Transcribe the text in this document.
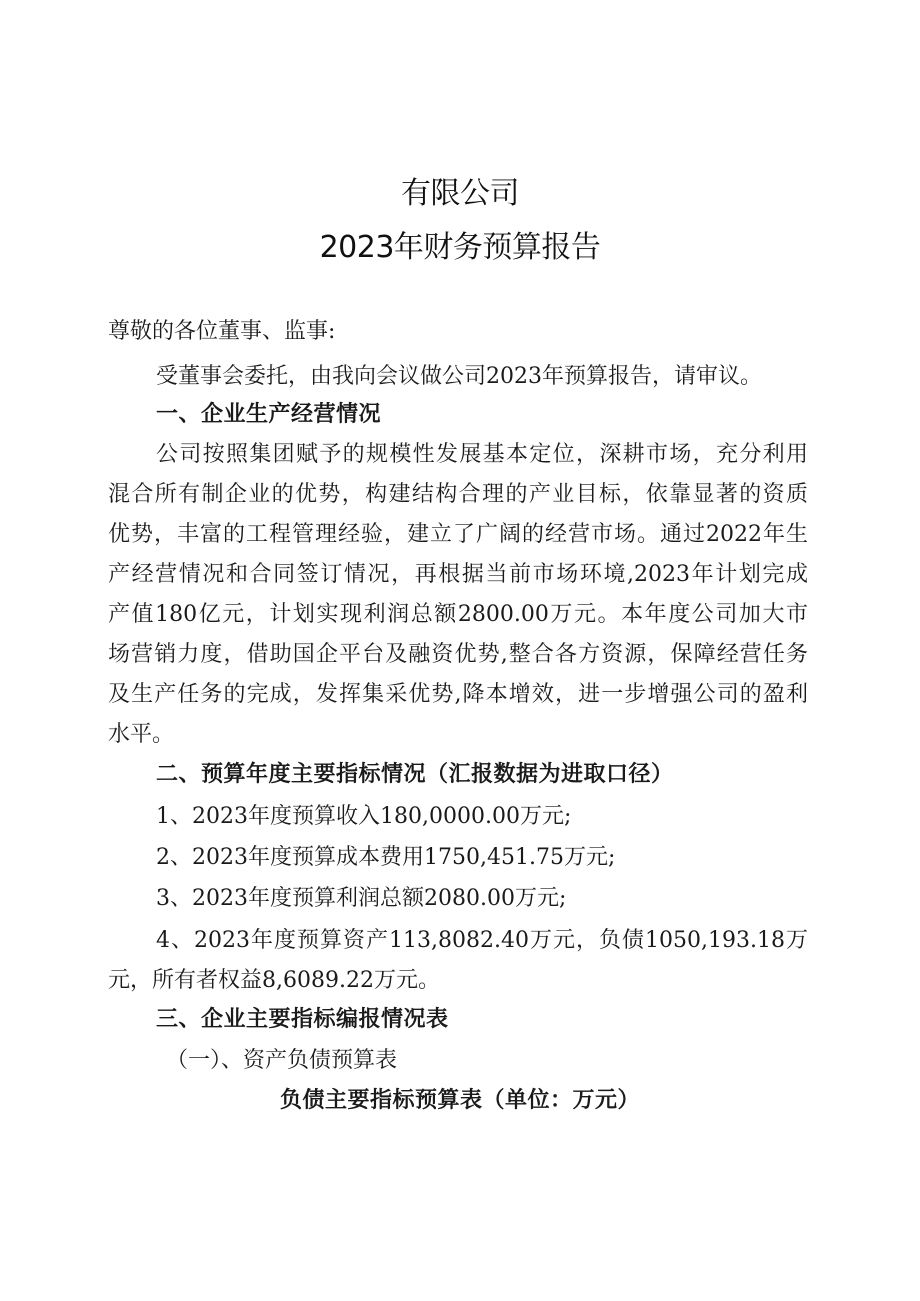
有限公司
2023年财务预算报告
尊敬的各位董事、监事:
受董事会委托，由我向会议做公司2023年预算报告，请审议。
一、企业生产经营情况
公司按照集团赋予的规模性发展基本定位，深耕市场，充分利用
混合所有制企业的优势，构建结构合理的产业目标，依靠显著的资质
优势，丰富的工程管理经验，建立了广阔的经营市场。通过2022年生
产经营情况和合同签订情况，再根据当前市场环境,2023年计划完成
产值180亿元，计划实现利润总额2800.00万元。本年度公司加大市
场营销力度，借助国企平台及融资优势,整合各方资源，保障经营任务
及生产任务的完成，发挥集采优势,降本增效，进一步增强公司的盈利
水平。
二、预算年度主要指标情况（汇报数据为进取口径）
1、2023年度预算收入180,0000.00万元;
2、2023年度预算成本费用1750,451.75万元;
3、2023年度预算利润总额2080.00万元;
4、2023年度预算资产113,8082.40万元，负债1050,193.18万
元，所有者权益8,6089.22万元。
三、企业主要指标编报情况表
（一）、资产负债预算表
负债主要指标预算表（单位：万元）
